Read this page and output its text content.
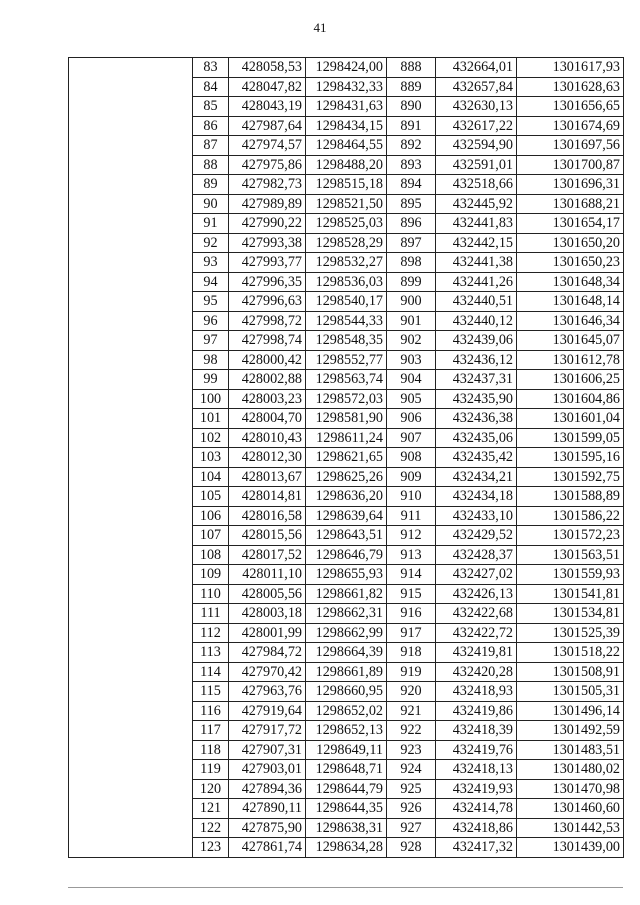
41
	83	428058,53	1298424,00	888	432664,01	1301617,93
	84	428047,82	1298432,33	889	432657,84	1301628,63
	85	428043,19	1298431,63	890	432630,13	1301656,65
	86	427987,64	1298434,15	891	432617,22	1301674,69
	87	427974,57	1298464,55	892	432594,90	1301697,56
	88	427975,86	1298488,20	893	432591,01	1301700,87
	89	427982,73	1298515,18	894	432518,66	1301696,31
	90	427989,89	1298521,50	895	432445,92	1301688,21
	91	427990,22	1298525,03	896	432441,83	1301654,17
	92	427993,38	1298528,29	897	432442,15	1301650,20
	93	427993,77	1298532,27	898	432441,38	1301650,23
	94	427996,35	1298536,03	899	432441,26	1301648,34
	95	427996,63	1298540,17	900	432440,51	1301648,14
	96	427998,72	1298544,33	901	432440,12	1301646,34
	97	427998,74	1298548,35	902	432439,06	1301645,07
	98	428000,42	1298552,77	903	432436,12	1301612,78
	99	428002,88	1298563,74	904	432437,31	1301606,25
	100	428003,23	1298572,03	905	432435,90	1301604,86
	101	428004,70	1298581,90	906	432436,38	1301601,04
	102	428010,43	1298611,24	907	432435,06	1301599,05
	103	428012,30	1298621,65	908	432435,42	1301595,16
	104	428013,67	1298625,26	909	432434,21	1301592,75
	105	428014,81	1298636,20	910	432434,18	1301588,89
	106	428016,58	1298639,64	911	432433,10	1301586,22
	107	428015,56	1298643,51	912	432429,52	1301572,23
	108	428017,52	1298646,79	913	432428,37	1301563,51
	109	428011,10	1298655,93	914	432427,02	1301559,93
	110	428005,56	1298661,82	915	432426,13	1301541,81
	111	428003,18	1298662,31	916	432422,68	1301534,81
	112	428001,99	1298662,99	917	432422,72	1301525,39
	113	427984,72	1298664,39	918	432419,81	1301518,22
	114	427970,42	1298661,89	919	432420,28	1301508,91
	115	427963,76	1298660,95	920	432418,93	1301505,31
	116	427919,64	1298652,02	921	432419,86	1301496,14
	117	427917,72	1298652,13	922	432418,39	1301492,59
	118	427907,31	1298649,11	923	432419,76	1301483,51
	119	427903,01	1298648,71	924	432418,13	1301480,02
	120	427894,36	1298644,79	925	432419,93	1301470,98
	121	427890,11	1298644,35	926	432414,78	1301460,60
	122	427875,90	1298638,31	927	432418,86	1301442,53
	123	427861,74	1298634,28	928	432417,32	1301439,00
